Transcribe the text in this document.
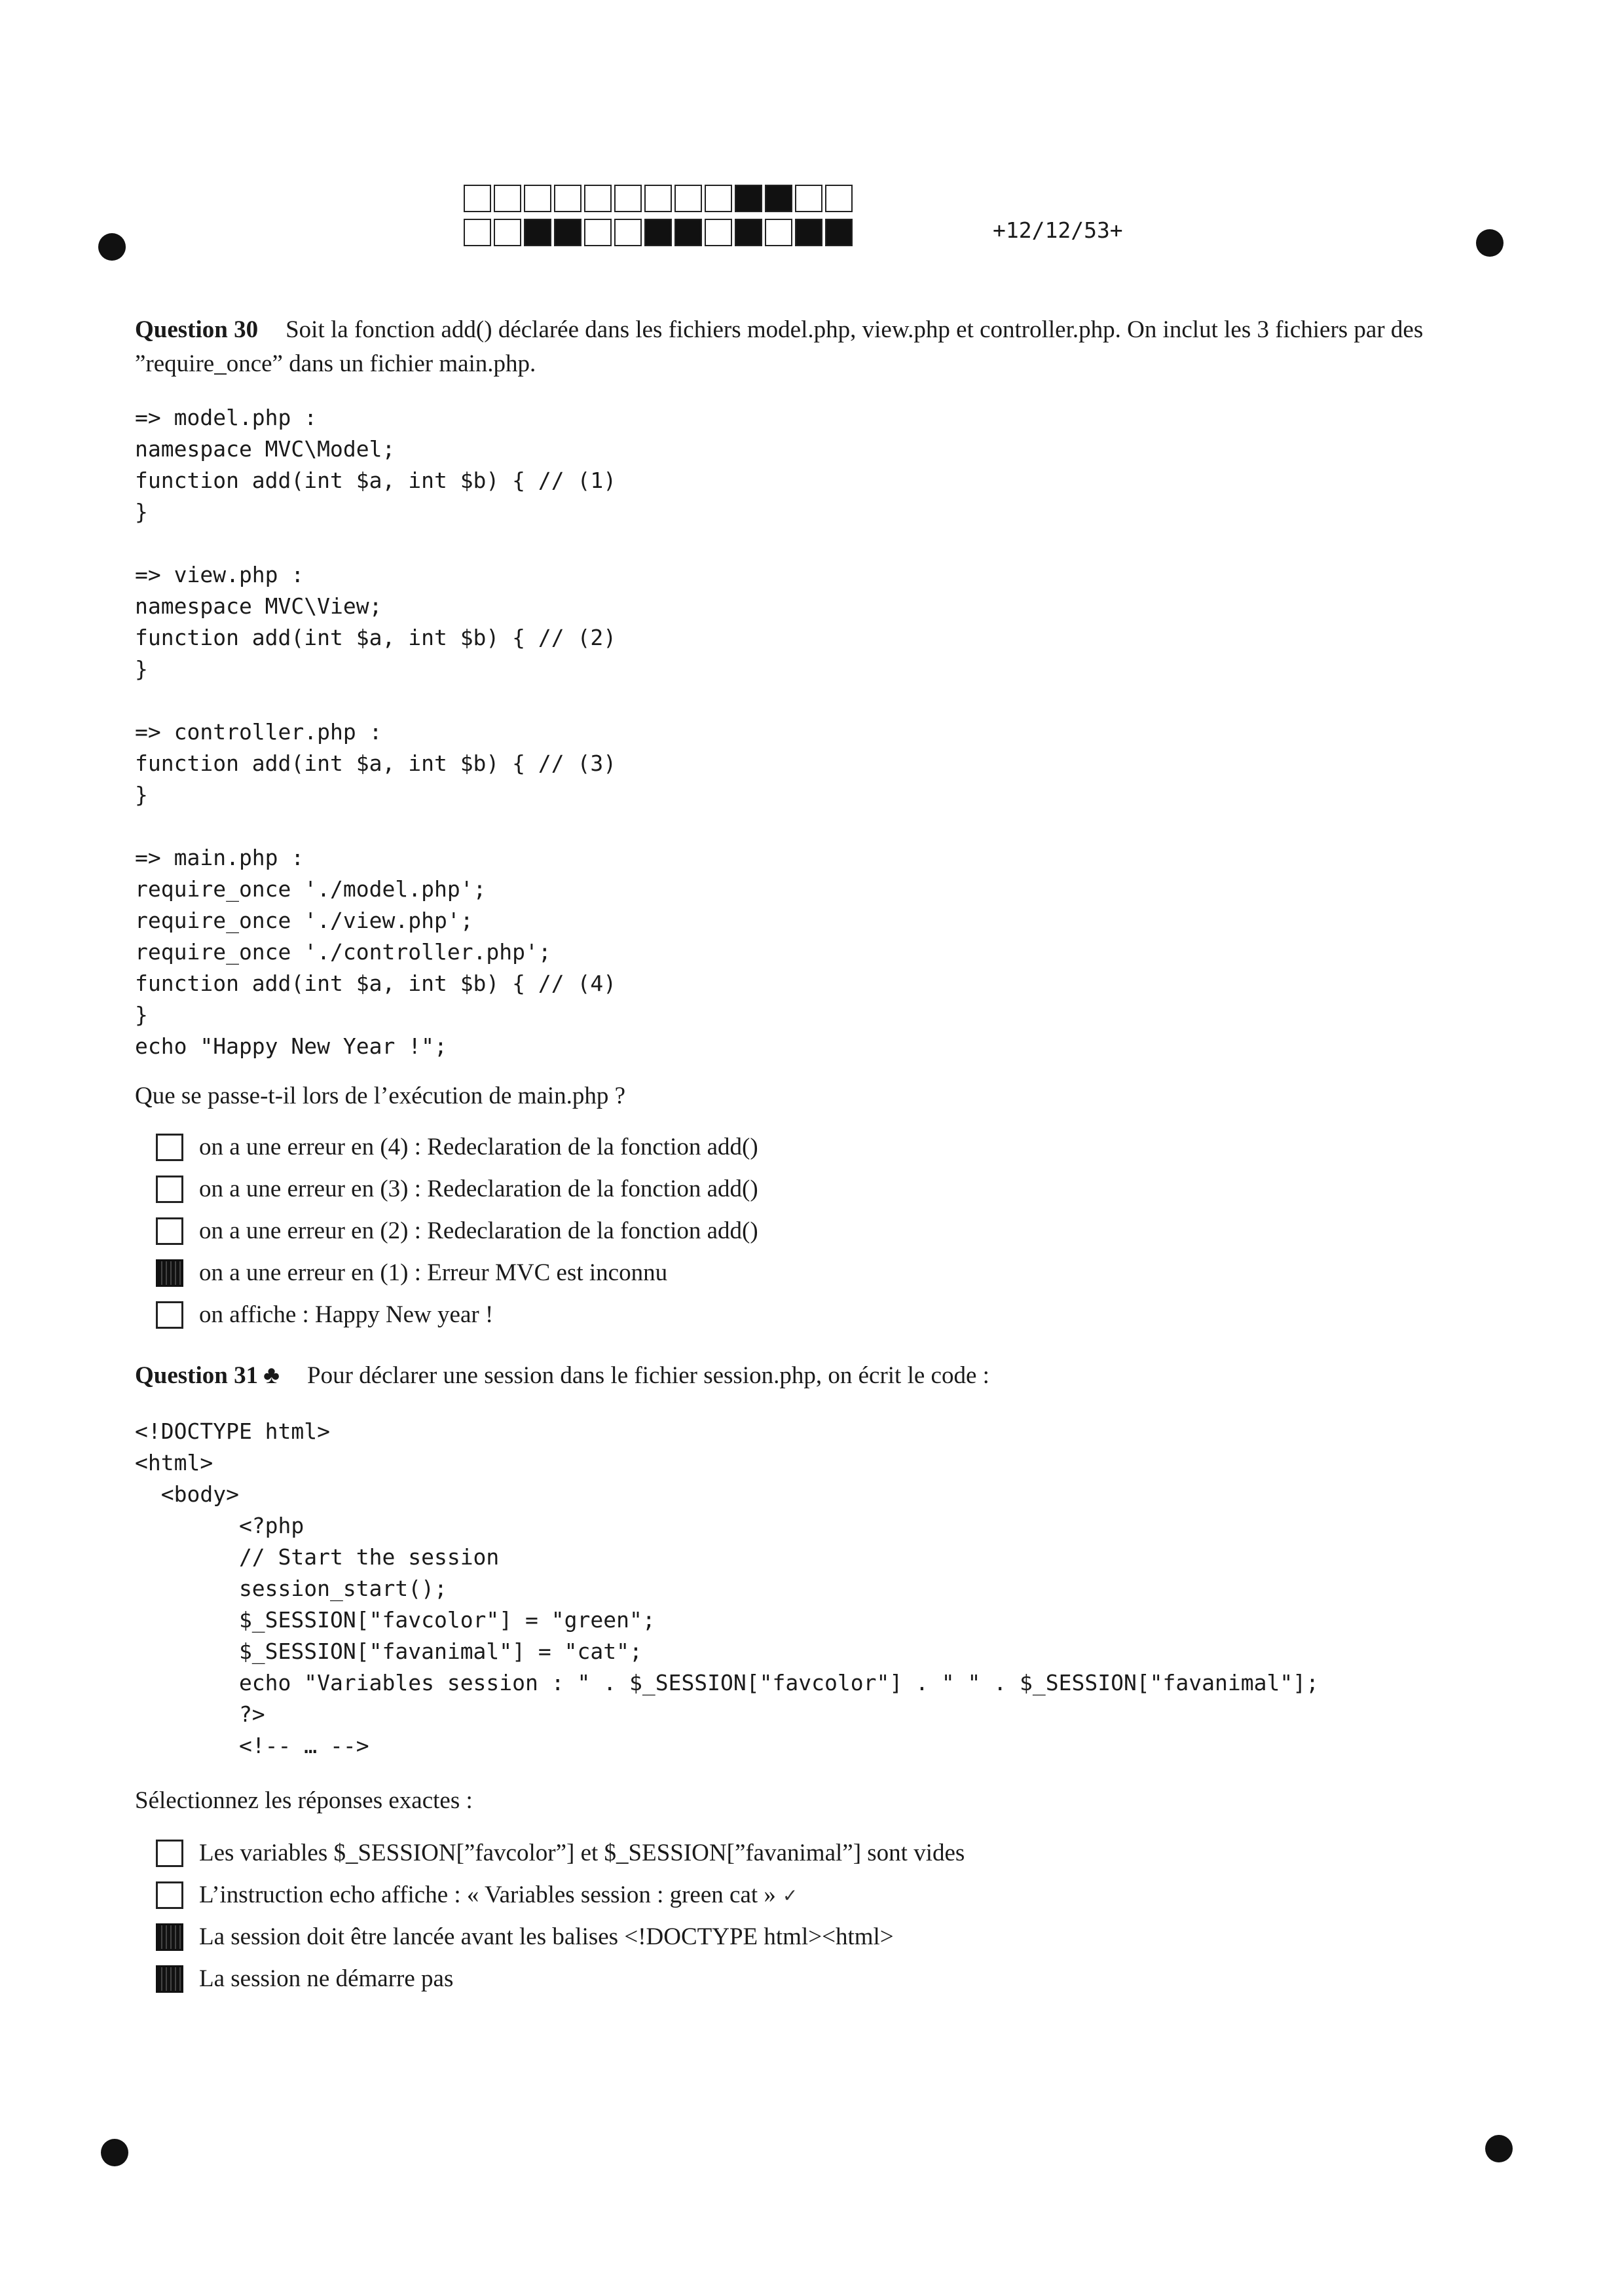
+12/12/53+
Question 30 Soit la fonction add() déclarée dans les fichiers model.php, view.php et controller.php. On inclut les 3 fichiers par des ”require_once” dans un fichier main.php.
=> model.php :
namespace MVC\Model;
function add(int $a, int $b) { // (1)
}
=> view.php :
namespace MVC\View;
function add(int $a, int $b) { // (2)
}
=> controller.php :
function add(int $a, int $b) { // (3)
}
=> main.php :
require_once './model.php';
require_once './view.php';
require_once './controller.php';
function add(int $a, int $b) { // (4)
}
echo "Happy New Year !";
Que se passe-t-il lors de l’exécution de main.php ?
on a une erreur en (4) : Redeclaration de la fonction add()
on a une erreur en (3) : Redeclaration de la fonction add()
on a une erreur en (2) : Redeclaration de la fonction add()
on a une erreur en (1) : Erreur MVC est inconnu
on affiche : Happy New year !
Question 31 ♣ Pour déclarer une session dans le fichier session.php, on écrit le code :
<!DOCTYPE html>
<html>
<body>
<?php
// Start the session
session_start();
$_SESSION["favcolor"] = "green";
$_SESSION["favanimal"] = "cat";
echo "Variables session : " . $_SESSION["favcolor"] . " " . $_SESSION["favanimal"];
?>
<!-- … -->
Sélectionnez les réponses exactes :
Les variables $_SESSION[”favcolor”] et $_SESSION[”favanimal”] sont vides
L’instruction echo affiche : « Variables session : green cat » ✓
La session doit être lancée avant les balises <!DOCTYPE html><html>
La session ne démarre pas
